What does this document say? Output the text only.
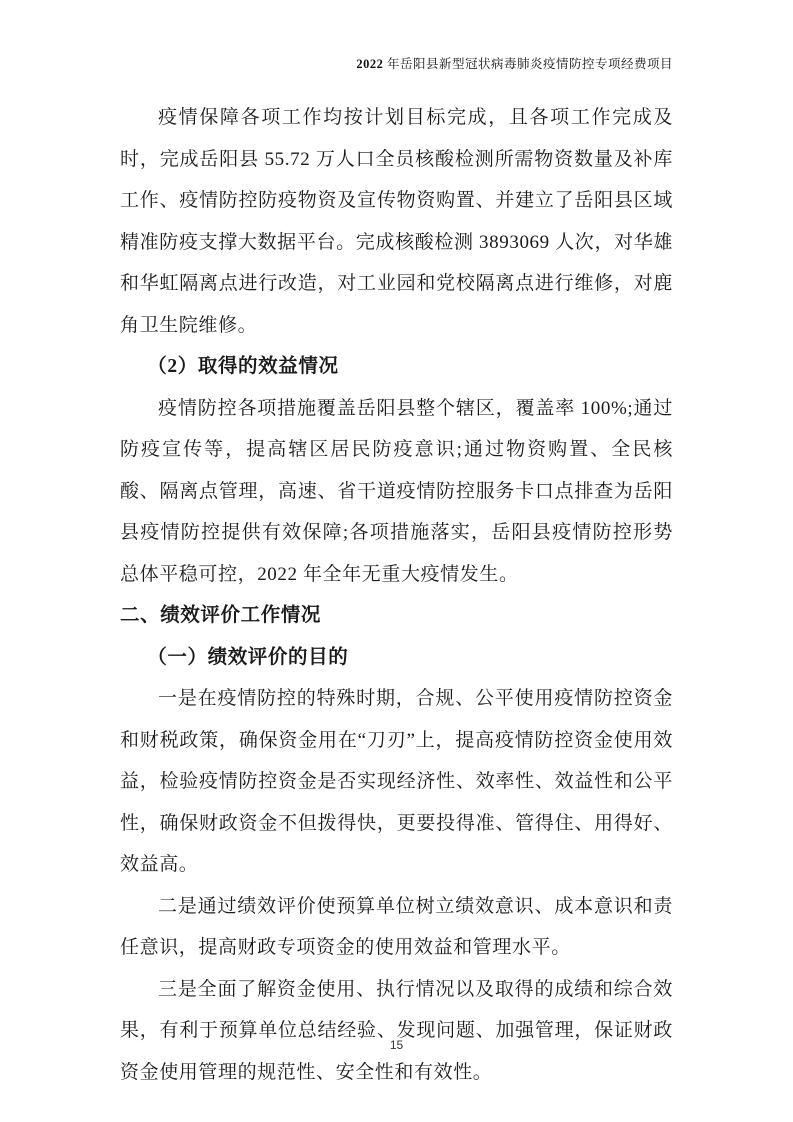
2022 年岳阳县新型冠状病毒肺炎疫情防控专项经费项目

疫情保障各项工作均按计划目标完成，且各项工作完成及时，完成岳阳县 55.72 万人口全员核酸检测所需物资数量及补库工作、疫情防控防疫物资及宣传物资购置、并建立了岳阳县区域精准防疫支撑大数据平台。完成核酸检测 3893069 人次，对华雄和华虹隔离点进行改造，对工业园和党校隔离点进行维修，对鹿角卫生院维修。

（2）取得的效益情况

疫情防控各项措施覆盖岳阳县整个辖区，覆盖率 100%;通过防疫宣传等，提高辖区居民防疫意识;通过物资购置、全民核酸、隔离点管理，高速、省干道疫情防控服务卡口点排查为岳阳县疫情防控提供有效保障;各项措施落实，岳阳县疫情防控形势总体平稳可控，2022 年全年无重大疫情发生。

二、绩效评价工作情况

（一）绩效评价的目的

一是在疫情防控的特殊时期，合规、公平使用疫情防控资金和财税政策，确保资金用在“刀刃”上，提高疫情防控资金使用效益，检验疫情防控资金是否实现经济性、效率性、效益性和公平性，确保财政资金不但拨得快，更要投得准、管得住、用得好、效益高。

二是通过绩效评价使预算单位树立绩效意识、成本意识和责任意识，提高财政专项资金的使用效益和管理水平。

三是全面了解资金使用、执行情况以及取得的成绩和综合效果，有利于预算单位总结经验、发现问题、加强管理，保证财政资金使用管理的规范性、安全性和有效性。

15
